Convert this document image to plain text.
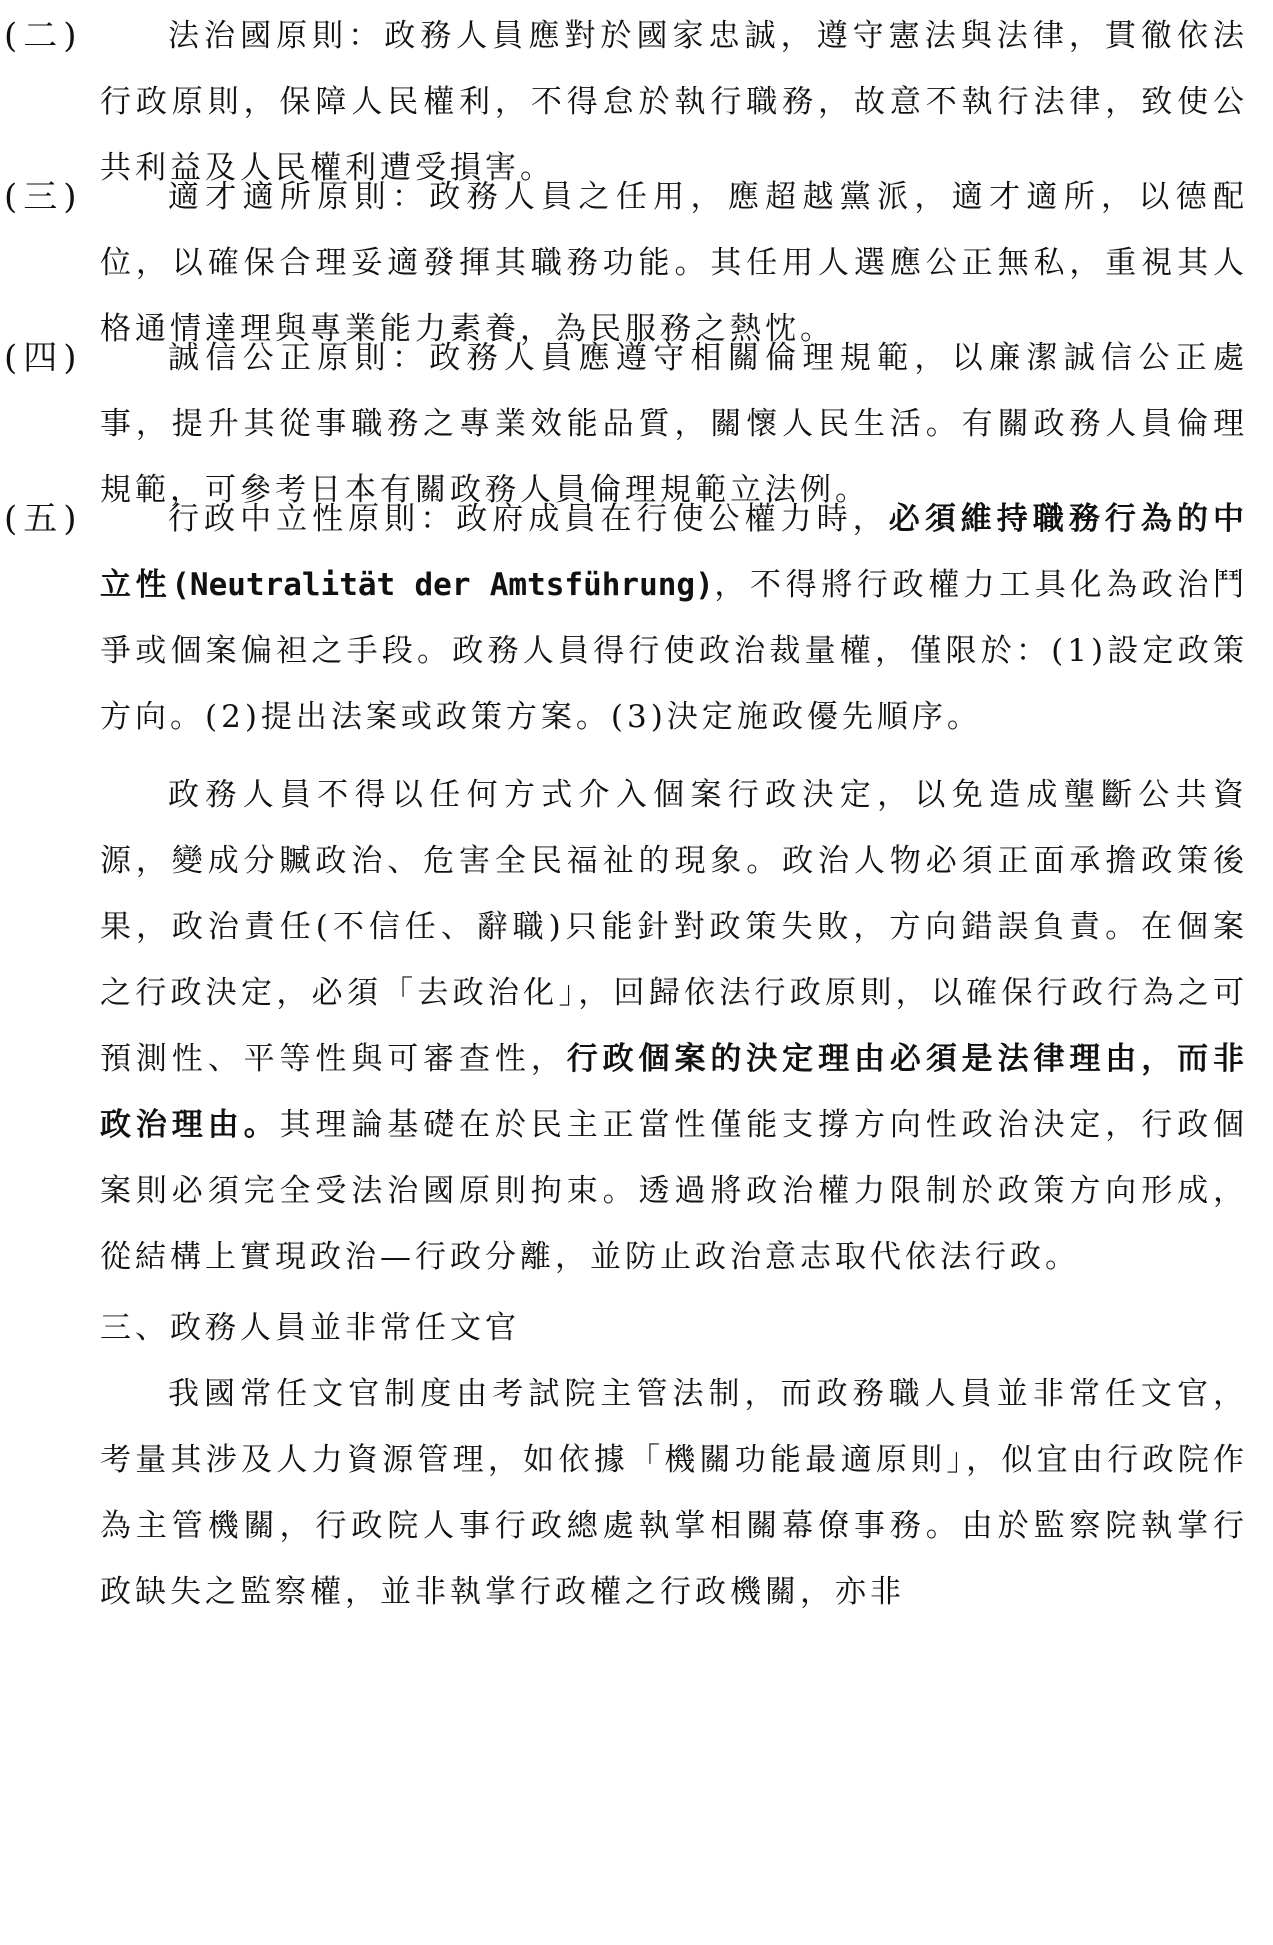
(二)	法治國原則：政務人員應對於國家忠誠，遵守憲法與法律，貫徹依法行政原則，保障人民權利，不得怠於執行職務，故意不執行法律，致使公共利益及人民權利遭受損害。
(三)	適才適所原則：政務人員之任用，應超越黨派，適才適所，以德配位，以確保合理妥適發揮其職務功能。其任用人選應公正無私，重視其人格通情達理與專業能力素養，為民服務之熱忱。
(四)	誠信公正原則：政務人員應遵守相關倫理規範，以廉潔誠信公正處事，提升其從事職務之專業效能品質，關懷人民生活。有關政務人員倫理規範，可參考日本有關政務人員倫理規範立法例。
(五)	行政中立性原則：政府成員在行使公權力時，必須維持職務行為的中立性(Neutralität der Amtsführung)，不得將行政權力工具化為政治鬥爭或個案偏袒之手段。政務人員得行使政治裁量權，僅限於：(1)設定政策方向。(2)提出法案或政策方案。(3)決定施政優先順序。
政務人員不得以任何方式介入個案行政決定，以免造成壟斷公共資源，變成分贓政治、危害全民福祉的現象。政治人物必須正面承擔政策後果，政治責任(不信任、辭職)只能針對政策失敗，方向錯誤負責。在個案之行政決定，必須「去政治化」，回歸依法行政原則，以確保行政行為之可預測性、平等性與可審查性，行政個案的決定理由必須是法律理由，而非政治理由。其理論基礎在於民主正當性僅能支撐方向性政治決定，行政個案則必須完全受法治國原則拘束。透過將政治權力限制於政策方向形成，從結構上實現政治—行政分離，並防止政治意志取代依法行政。
三、政務人員並非常任文官
我國常任文官制度由考試院主管法制，而政務職人員並非常任文官，考量其涉及人力資源管理，如依據「機關功能最適原則」，似宜由行政院作為主管機關，行政院人事行政總處執掌相關幕僚事務。由於監察院執掌行政缺失之監察權，並非執掌行政權之行政機關，亦非
